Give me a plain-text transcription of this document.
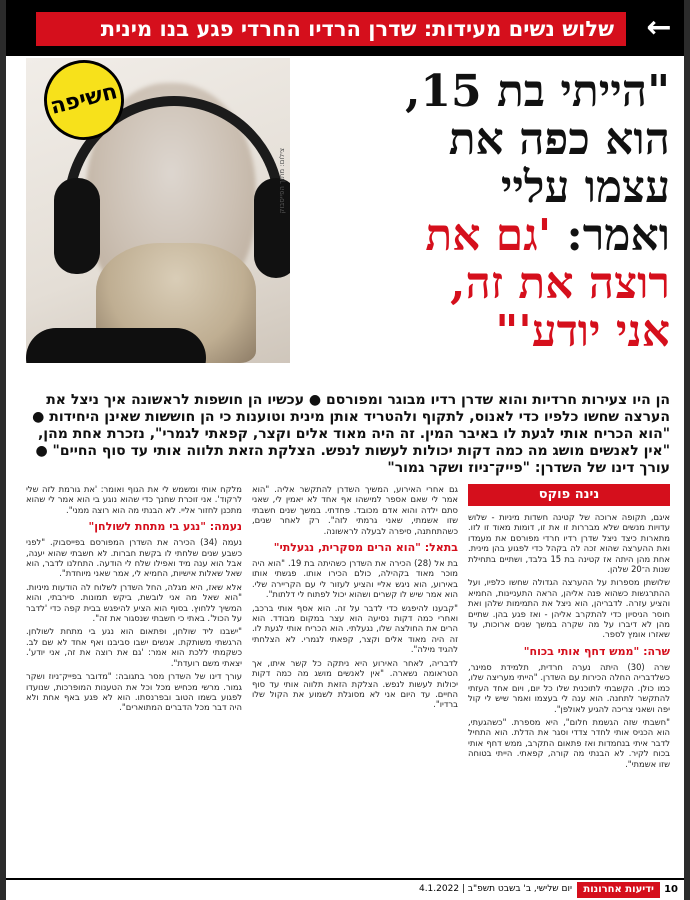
שלוש נשים מעידות: שדרן הרדיו החרדי פגע בנו מינית	←
צילום: מתוך הפייסבוק
חשיפה	"הייתי בת 15,
הוא כפה את
עצמו עליי
ואמר: 'גם את
רוצה את זה,
אני יודע'"
הן היו צעירות חרדיות והוא שדרן רדיו מבוגר ומפורסם ● עכשיו הן חושפות לראשונה איך ניצל את הערצה שחשו כלפיו כדי לאנוס, לתקוף ולהטריד אותן מינית וטוענות כי הן חוששות שאינן היחידות ● "הוא הכריח אותי לגעת לו באיבר המין. זה היה מאוד אלים וקצר, קפאתי לגמרי", נזכרת אחת מהן, "אין לאנשים מושג מה כמה דקות יכולות לעשות לנפש. הצלקת הזאת תלווה אותי עד סוף החיים" ● עורך דינו של השדרן: "פייק־ניוז ושקר גמור"
נינה פוקס

איגם, תקופה ארוכה של קטינה חשדות מיניות - שלוש עדויות מנשים שלא מבררות זו את זו, דומות מאוד זו לזו. מתארות כיצד ניצל שדרן רדיו חרדי מפורסם את מעמדו ואת ההערצה שהוא זכה לה בקהל כדי לפגוע בהן מינית. אחת מהן היתה אז קטינה בת 15 בלבד, ושתיים בתחילת שנות ה־20 שלהן.

שלושתן מספרות על ההערצה הגדולה שחשו כלפיו, ועל ההתרגשות כשהוא פנה אליהן, הראה התעניינות, החמיא והציע עזרה. לדבריהן, הוא ניצל את התמימות שלהן ואת חוסר הניסיון כדי להתקרב אליהן - ואז פגע בהן. שתיים מהן לא דיברו על מה שקרה במשך שנים ארוכות, עד שאזרו אומץ לספר.

שרה: "ממש דחף אותי בכוח"

שרה (30) היתה נערה חרדית, תלמידת סמינר, כשלדבריה החלה הכירות עם השדרן. "הייתי מעריצה שלו, כמו כולן. הקשבתי לתוכנית שלו כל יום, ויום אחד העזתי להתקשר לתחנה. הוא ענה לי בעצמו ואמר שיש לי קול יפה ושאני צריכה להגיע לאולפן".

"חשבתי שזה הגשמת חלום", היא מספרת. "כשהגעתי, הוא הכניס אותי לחדר צדדי וסגר את הדלת. הוא התחיל לדבר איתי בנחמדות ואז פתאום התקרב, ממש דחף אותי בכוח לקיר. לא הבנתי מה קורה, קפאתי. הייתי בטוחה שזו אשמתי".

גם אחרי האירוע, המשיך השדרן להתקשר אליה. "הוא אמר לי שאם אספר למישהו אף אחד לא יאמין לי, שאני סתם ילדה והוא אדם מכובד. פחדתי. במשך שנים חשבתי שזו אשמתי, שאני גרמתי לזה". רק לאחר שנים, כשהתחתנה, סיפרה לבעלה לראשונה.

בתאל: "הוא הרים מסקרית, נגעלתי"

בת אל (28) הכירה את השדרן כשהיתה בת 19. "הוא היה מוכר מאוד בקהילה, כולם הכירו אותו. פגשתי אותו באירוע, הוא ניגש אליי והציע לעזור לי עם הקריירה שלי. הוא אמר שיש לו קשרים ושהוא יכול לפתוח לי דלתות".

"קבענו להיפגש כדי לדבר על זה. הוא אסף אותי ברכב, ואחרי כמה דקות נסיעה הוא עצר במקום מבודד. הוא הרים את החולצה שלו, נגעלתי. הוא הכריח אותי לגעת לו. זה היה מאוד אלים וקצר, קפאתי לגמרי. לא הצלחתי להגיד מילה".

לדבריה, לאחר האירוע היא ניתקה כל קשר איתו, אך הטראומה נשארה. "אין לאנשים מושג מה כמה דקות יכולות לעשות לנפש. הצלקת הזאת תלווה אותי עד סוף החיים. עד היום אני לא מסוגלת לשמוע את הקול שלו ברדיו".

מלקח אותי ומשמש לי את הגוף ואומר: 'את גורמת לזה שלי לרקוד'. אני זוכרת שחנך כדי שהוא נוגע בי הוא אמר לי שהוא מתכנן לחזור אליי. לא הבנתי מה הוא רוצה ממני".

נעמה: "נגע בי מתחת לשולחן"

נעמה (34) הכירה את השדרן המפורסם בפייסבוק. "לפני כשבע שנים שלחתי לו בקשת חברות. לא חשבתי שהוא יענה, אבל הוא ענה מיד ואפילו שלח לי הודעה. התחלנו לדבר, הוא שאל שאלות אישיות, החמיא לי, אמר שאני מיוחדת".

אלא שאז, היא מגלה, החל השדרן לשלוח לה הודעות מיניות. "הוא שאל מה אני לובשת, ביקש תמונות. סירבתי, והוא המשיך ללחוץ. בסוף הוא הציע להיפגש בבית קפה כדי 'לדבר על הכול'. באתי כי חשבתי שנסגור את זה".

"ישבנו ליד שולחן, ופתאום הוא נגע בי מתחת לשולחן. הרגשתי משותקת. אנשים ישבו סביבנו ואף אחד לא שם לב. כשקמתי ללכת הוא אמר: 'גם את רוצה את זה, אני יודע'. יצאתי משם רועדת".

עורך דינו של השדרן מסר בתגובה: "מדובר בפייק־ניוז ושקר גמור. מרשי מכחיש מכל וכל את הטענות המופרכות, שנועדו לפגוע בשמו הטוב ובפרנסתו. הוא לא פגע באף אחת ולא היה דבר מכל הדברים המתוארים".

10
ידיעות אחרונות
יום שלישי, ב' בשבט תשפ"ב | 4.1.2022
